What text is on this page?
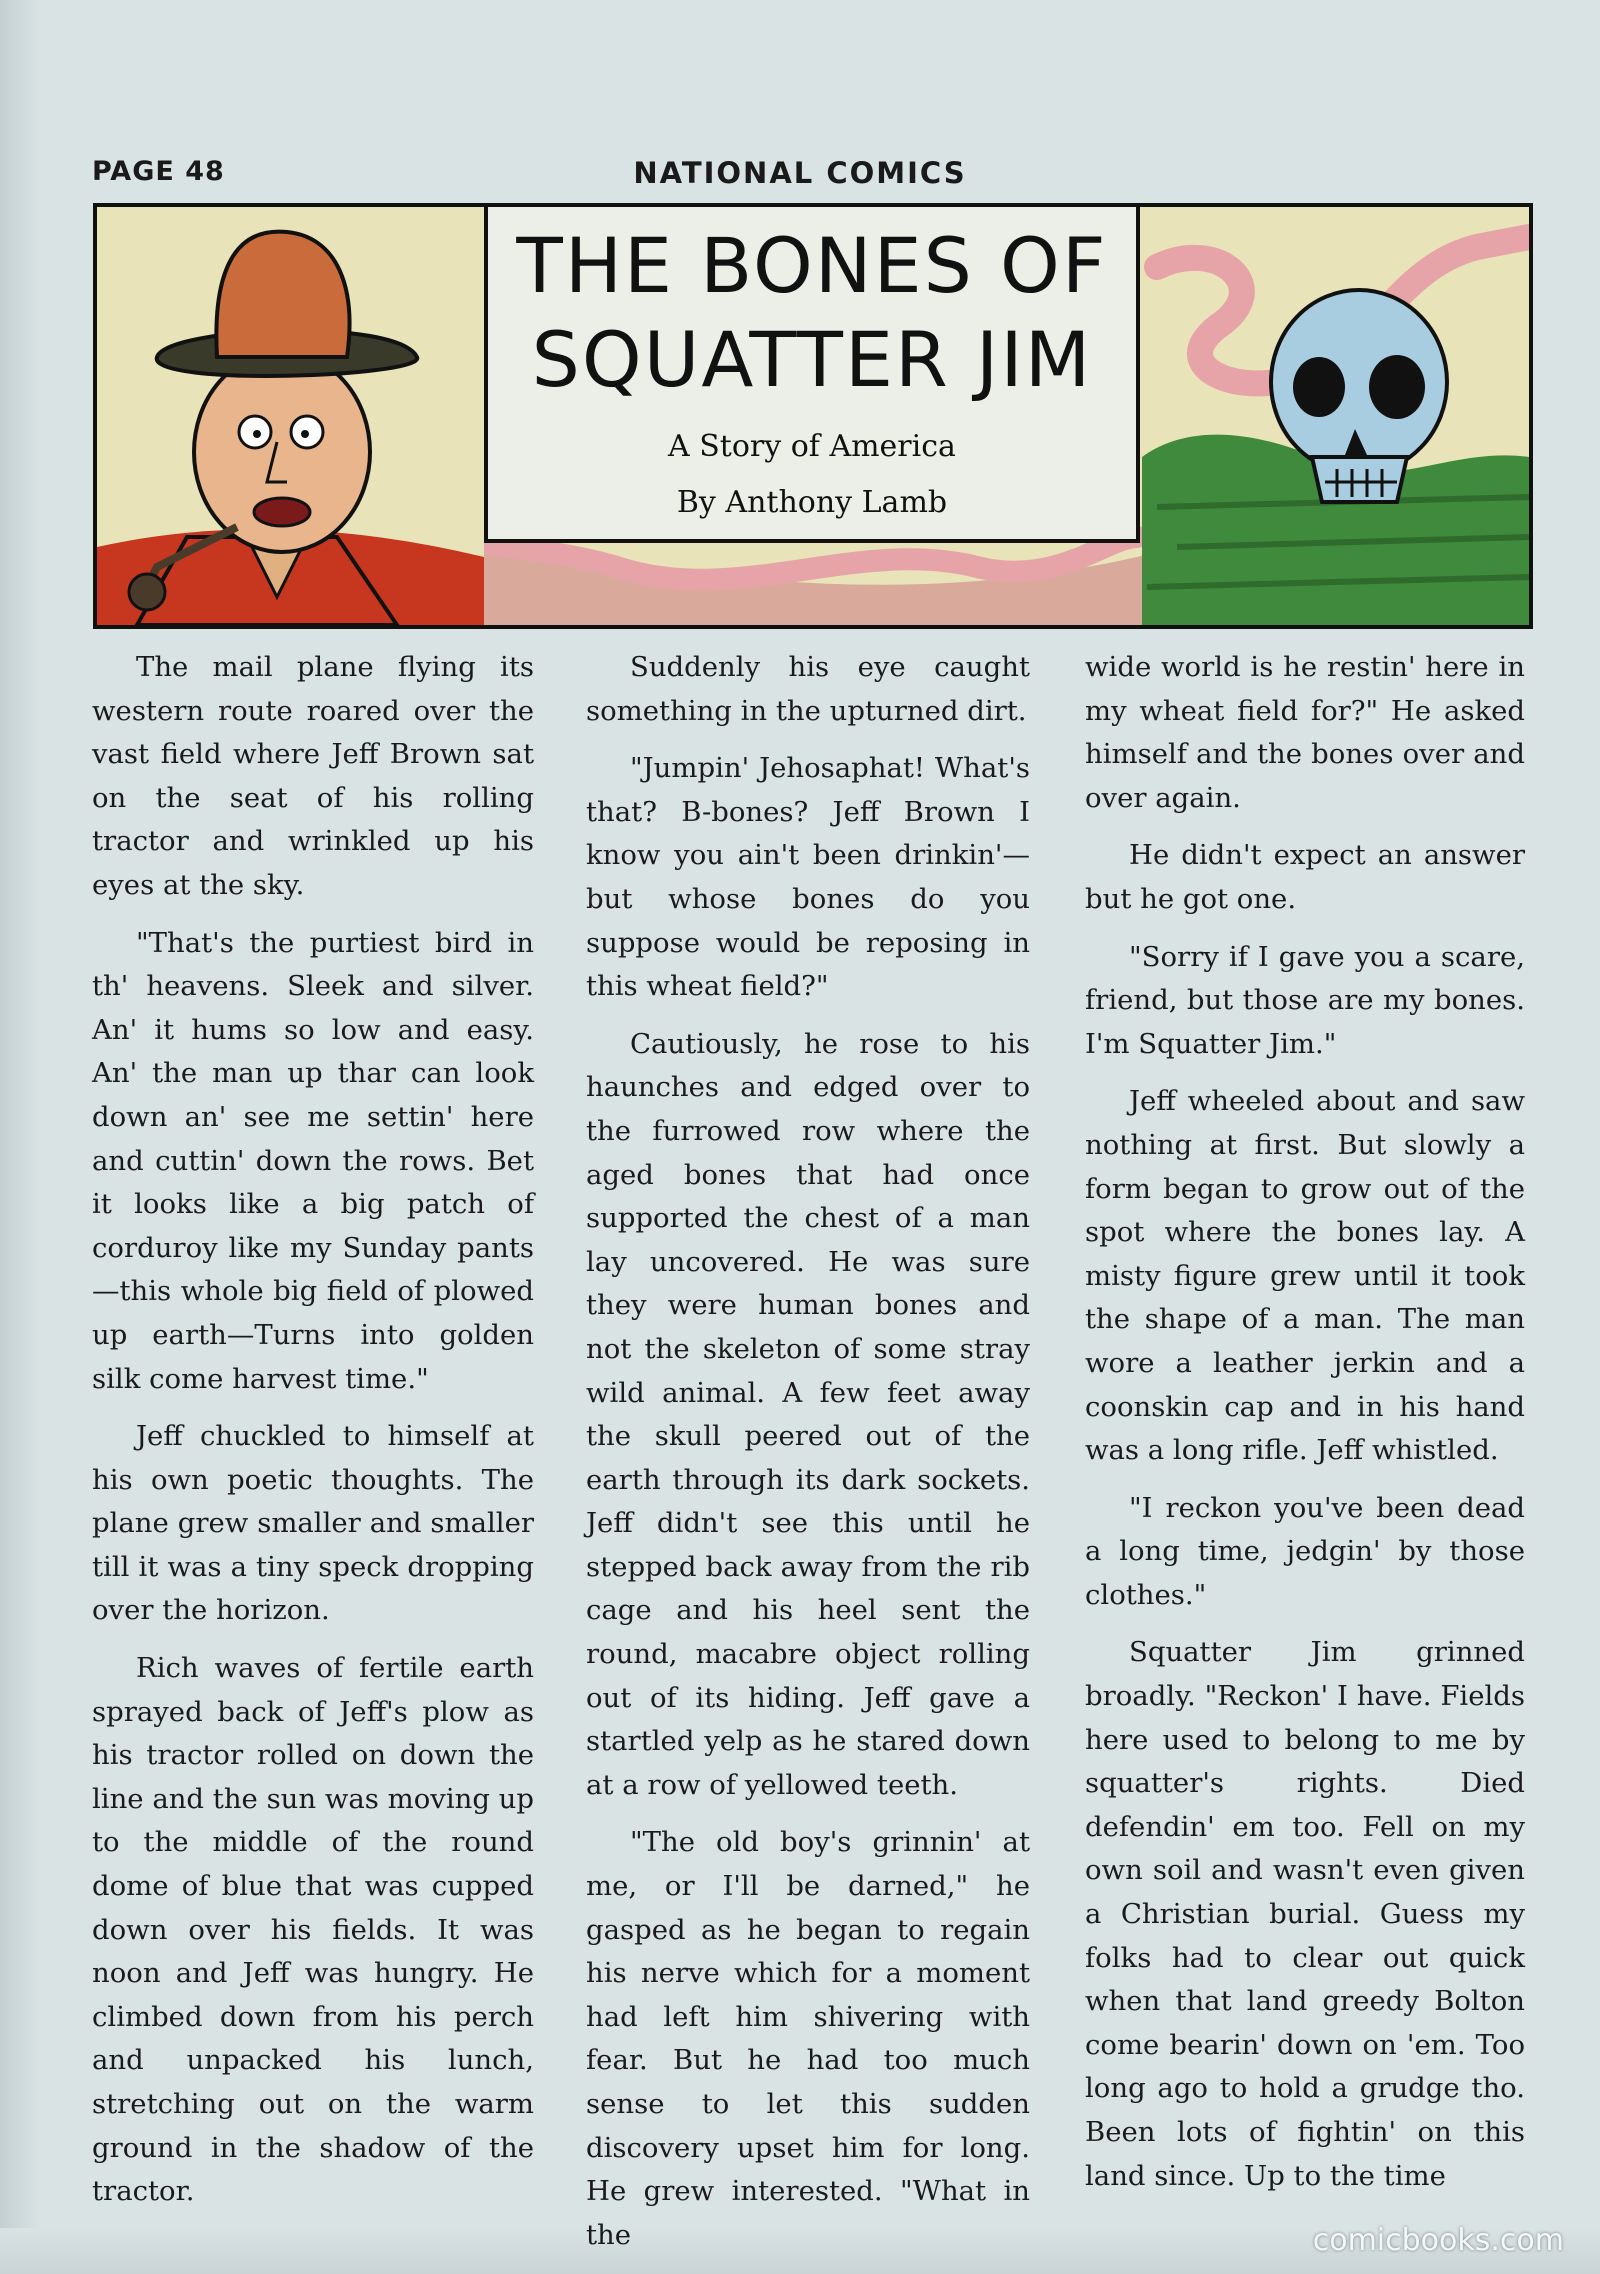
PAGE 48	NATIONAL COMICS
THE BONES OF
SQUATTER JIM
A Story of America
By Anthony Lamb

The mail plane flying its western route roared over the vast field where Jeff Brown sat on the seat of his rolling tractor and wrinkled up his eyes at the sky.

"That's the purtiest bird in th' heavens. Sleek and silver. An' it hums so low and easy. An' the man up thar can look down an' see me settin' here and cuttin' down the rows. Bet it looks like a big patch of corduroy like my Sunday pants—this whole big field of plowed up earth—Turns into golden silk come harvest time."

Jeff chuckled to himself at his own poetic thoughts. The plane grew smaller and smaller till it was a tiny speck dropping over the horizon.

Rich waves of fertile earth sprayed back of Jeff's plow as his tractor rolled on down the line and the sun was moving up to the middle of the round dome of blue that was cupped down over his fields. It was noon and Jeff was hungry. He climbed down from his perch and unpacked his lunch, stretching out on the warm ground in the shadow of the tractor.

Suddenly his eye caught something in the upturned dirt.

"Jumpin' Jehosaphat! What's that? B-bones? Jeff Brown I know you ain't been drinkin'—but whose bones do you suppose would be reposing in this wheat field?"

Cautiously, he rose to his haunches and edged over to the furrowed row where the aged bones that had once supported the chest of a man lay uncovered. He was sure they were human bones and not the skeleton of some stray wild animal. A few feet away the skull peered out of the earth through its dark sockets. Jeff didn't see this until he stepped back away from the rib cage and his heel sent the round, macabre object rolling out of its hiding. Jeff gave a startled yelp as he stared down at a row of yellowed teeth.

"The old boy's grinnin' at me, or I'll be darned," he gasped as he began to regain his nerve which for a moment had left him shivering with fear. But he had too much sense to let this sudden discovery upset him for long. He grew interested. "What in the

wide world is he restin' here in my wheat field for?" He asked himself and the bones over and over again.

He didn't expect an answer but he got one.

"Sorry if I gave you a scare, friend, but those are my bones. I'm Squatter Jim."

Jeff wheeled about and saw nothing at first. But slowly a form began to grow out of the spot where the bones lay. A misty figure grew until it took the shape of a man. The man wore a leather jerkin and a coonskin cap and in his hand was a long rifle. Jeff whistled.

"I reckon you've been dead a long time, jedgin' by those clothes."

Squatter Jim grinned broadly. "Reckon' I have. Fields here used to belong to me by squatter's rights. Died defendin' em too. Fell on my own soil and wasn't even given a Christian burial. Guess my folks had to clear out quick when that land greedy Bolton come bearin' down on 'em. Too long ago to hold a grudge tho. Been lots of fightin' on this land since. Up to the time

comicbooks.com
